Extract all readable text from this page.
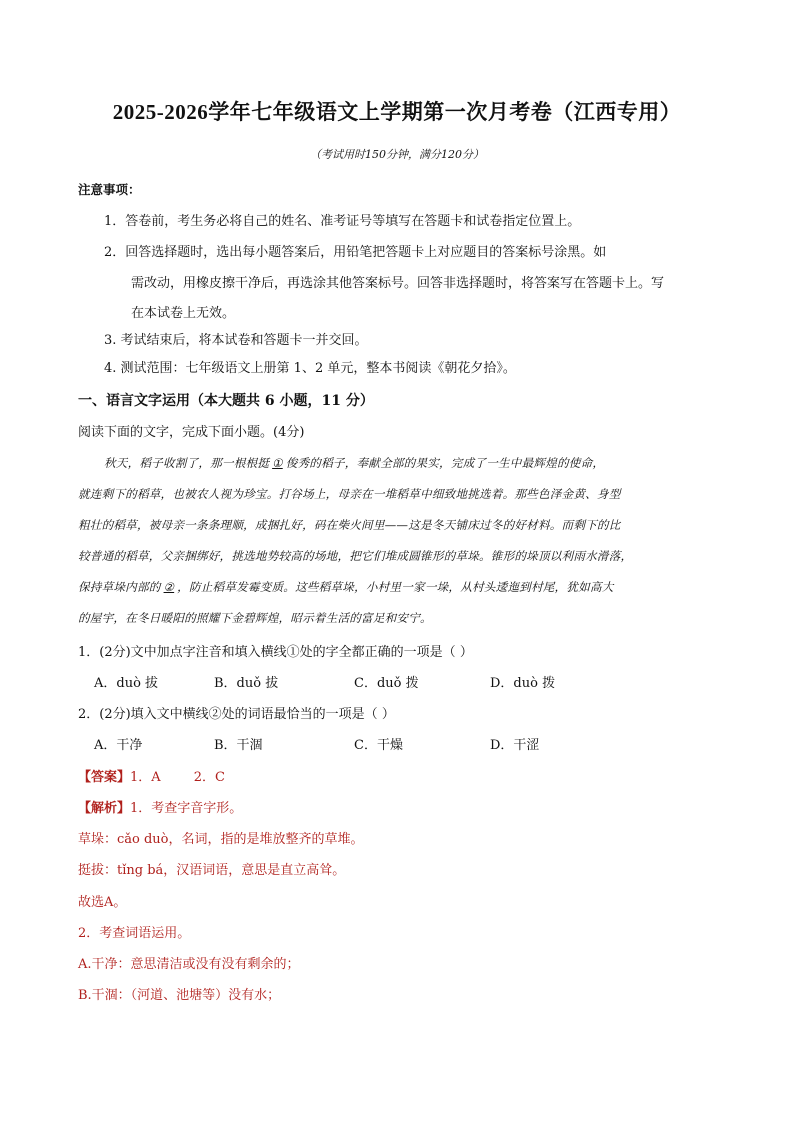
2025-2026学年七年级语文上学期第一次月考卷（江西专用）
（考试用时150分钟，满分120分）
注意事项：
1．答卷前，考生务必将自己的姓名、准考证号等填写在答题卡和试卷指定位置上。
2．回答选择题时，选出每小题答案后，用铅笔把答题卡上对应题目的答案标号涂黑。如
需改动，用橡皮擦干净后，再选涂其他答案标号。回答非选择题时，将答案写在答题卡上。写
在本试卷上无效。
3. 考试结束后，将本试卷和答题卡一并交回。
4. 测试范围：七年级语文上册第 1、2 单元，整本书阅读《朝花夕拾》。
一、语言文字运用（本大题共 6 小题，11 分）
阅读下面的文字，完成下面小题。(4分)
秋天，稻子收割了，那一根根挺 ① 俊秀的稻子，奉献全部的果实，完成了一生中最辉煌的使命，
就连剩下的稻草，也被农人视为珍宝。打谷场上，母亲在一堆稻草中细致地挑选着。那些色泽金黄、身型
粗壮的稻草，被母亲一条条理顺，成捆扎好，码在柴火间里——这是冬天铺床过冬的好材料。而剩下的比
较普通的稻草，父亲捆绑好，挑选地势较高的场地，把它们堆成圆锥形的草垛。锥形的垛顶以利雨水滑落，
保持草垛内部的 ② ，防止稻草发霉变质。这些稻草垛，小村里一家一垛，从村头逶迤到村尾，犹如高大
的屋宇，在冬日暖阳的照耀下金碧辉煌，昭示着生活的富足和安宁。
1．(2分)文中加点字注音和填入横线①处的字全都正确的一项是（ ）
A．duò 拔	B．duǒ 拔	C．duǒ 拨	D．duò 拨
2．(2分)填入文中横线②处的词语最恰当的一项是（ ）
A．干净	B．干涸	C．干燥	D．干涩
【答案】1．A        2．C
【解析】1．考查字音字形。
草垛：cǎo duò，名词，指的是堆放整齐的草堆。
挺拔：tǐng bá，汉语词语，意思是直立高耸。
故选A。
2．考查词语运用。
A.干净：意思清洁或没有没有剩余的；
B.干涸：（河道、池塘等）没有水；
